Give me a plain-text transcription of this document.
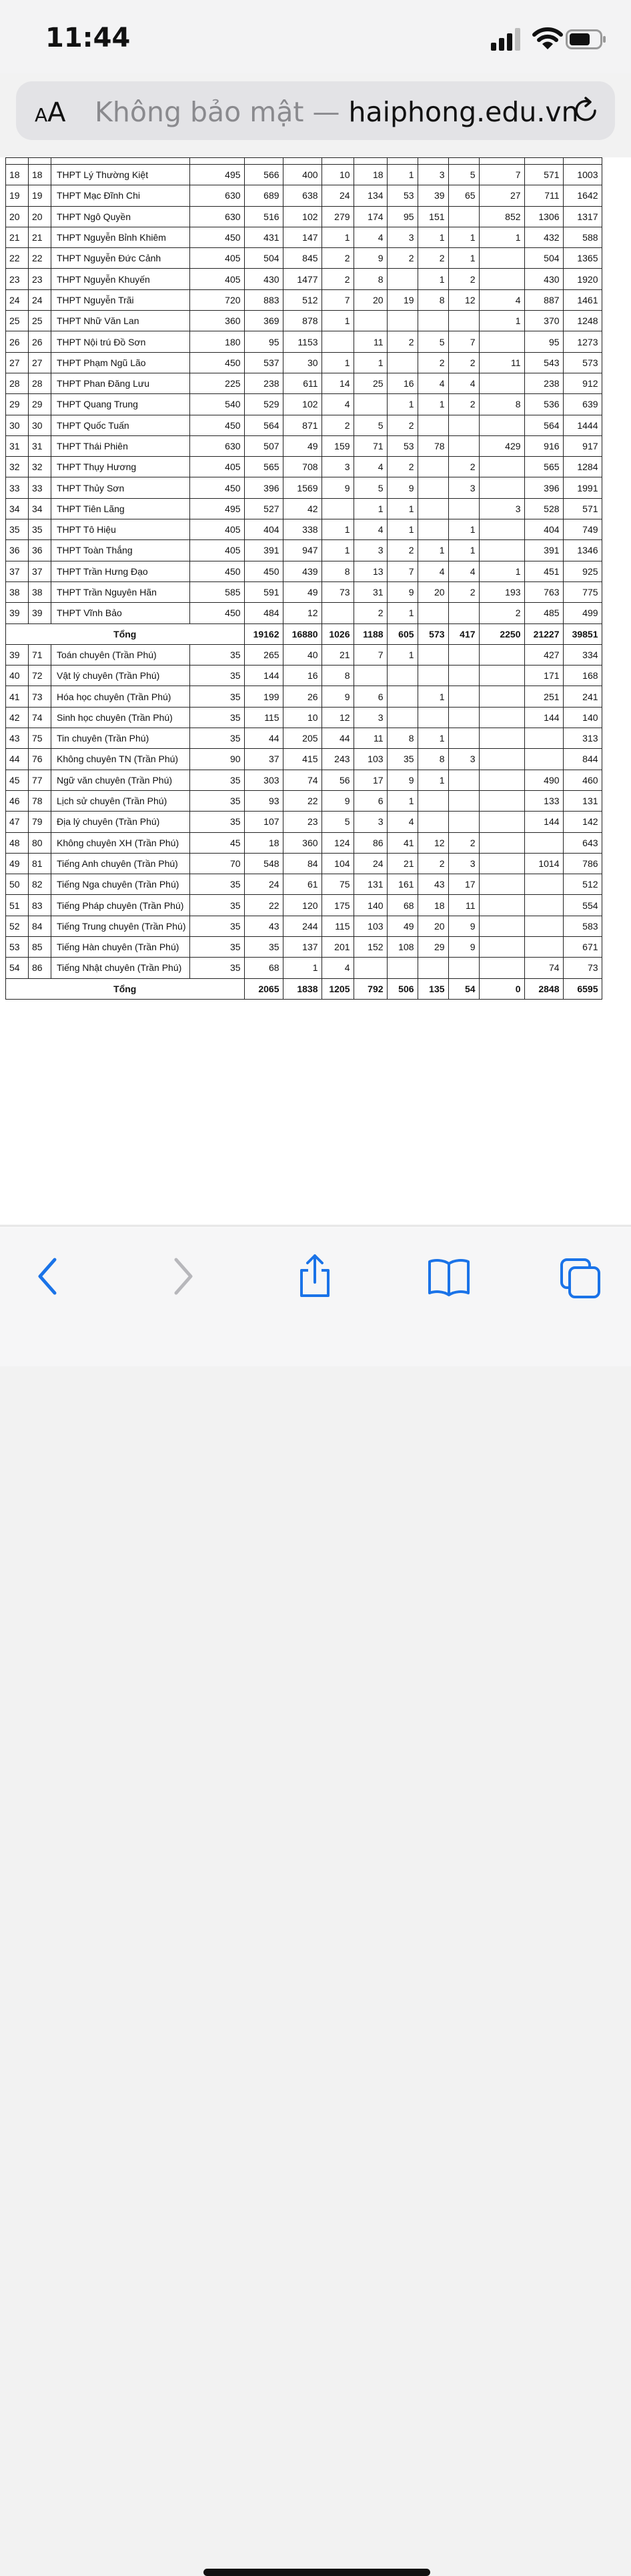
11:44
AA Không bảo mật — haiphong.edu.vn

18	18	THPT Lý Thường Kiệt	495	566	400	10	18	1	3	5	7	571	1003
19	19	THPT Mạc Đĩnh Chi	630	689	638	24	134	53	39	65	27	711	1642
20	20	THPT Ngô Quyền	630	516	102	279	174	95	151		852	1306	1317
21	21	THPT Nguyễn Bỉnh Khiêm	450	431	147	1	4	3	1	1	1	432	588
22	22	THPT Nguyễn Đức Cảnh	405	504	845	2	9	2	2	1		504	1365
23	23	THPT Nguyễn Khuyến	405	430	1477	2	8		1	2		430	1920
24	24	THPT Nguyễn Trãi	720	883	512	7	20	19	8	12	4	887	1461
25	25	THPT Nhữ Văn Lan	360	369	878	1					1	370	1248
26	26	THPT Nội trú Đồ Sơn	180	95	1153		11	2	5	7		95	1273
27	27	THPT Phạm Ngũ Lão	450	537	30	1	1		2	2	11	543	573
28	28	THPT Phan Đăng Lưu	225	238	611	14	25	16	4	4		238	912
29	29	THPT Quang Trung	540	529	102	4		1	1	2	8	536	639
30	30	THPT Quốc Tuấn	450	564	871	2	5	2				564	1444
31	31	THPT Thái Phiên	630	507	49	159	71	53	78		429	916	917
32	32	THPT Thụy Hương	405	565	708	3	4	2		2		565	1284
33	33	THPT Thủy Sơn	450	396	1569	9	5	9		3		396	1991
34	34	THPT Tiên Lãng	495	527	42		1	1			3	528	571
35	35	THPT Tô Hiệu	405	404	338	1	4	1		1		404	749
36	36	THPT Toàn Thắng	405	391	947	1	3	2	1	1		391	1346
37	37	THPT Trần Hưng Đạo	450	450	439	8	13	7	4	4	1	451	925
38	38	THPT Trần Nguyên Hãn	585	591	49	73	31	9	20	2	193	763	775
39	39	THPT Vĩnh Bảo	450	484	12		2	1			2	485	499
Tổng				19162	16880	1026	1188	605	573	417	2250	21227	39851
39	71	Toán chuyên (Trần Phú)	35	265	40	21	7	1				427	334
40	72	Vật lý chuyên (Trần Phú)	35	144	16	8						171	168
41	73	Hóa học chuyên (Trần Phú)	35	199	26	9	6		1			251	241
42	74	Sinh học chuyên (Trần Phú)	35	115	10	12	3					144	140
43	75	Tin chuyên (Trần Phú)	35	44	205	44	11	8	1				313
44	76	Không chuyên TN (Trần Phú)	90	37	415	243	103	35	8	3			844
45	77	Ngữ văn chuyên (Trần Phú)	35	303	74	56	17	9	1			490	460
46	78	Lịch sử chuyên (Trần Phú)	35	93	22	9	6	1				133	131
47	79	Địa lý chuyên (Trần Phú)	35	107	23	5	3	4				144	142
48	80	Không chuyên XH (Trần Phú)	45	18	360	124	86	41	12	2			643
49	81	Tiếng Anh chuyên (Trần Phú)	70	548	84	104	24	21	2	3		1014	786
50	82	Tiếng Nga chuyên (Trần Phú)	35	24	61	75	131	161	43	17			512
51	83	Tiếng Pháp chuyên (Trần Phú)	35	22	120	175	140	68	18	11			554
52	84	Tiếng Trung chuyên (Trần Phú)	35	43	244	115	103	49	20	9			583
53	85	Tiếng Hàn chuyên (Trần Phú)	35	35	137	201	152	108	29	9			671
54	86	Tiếng Nhật chuyên (Trần Phú)	35	68	1	4						74	73
Tổng				2065	1838	1205	792	506	135	54	0	2848	6595
